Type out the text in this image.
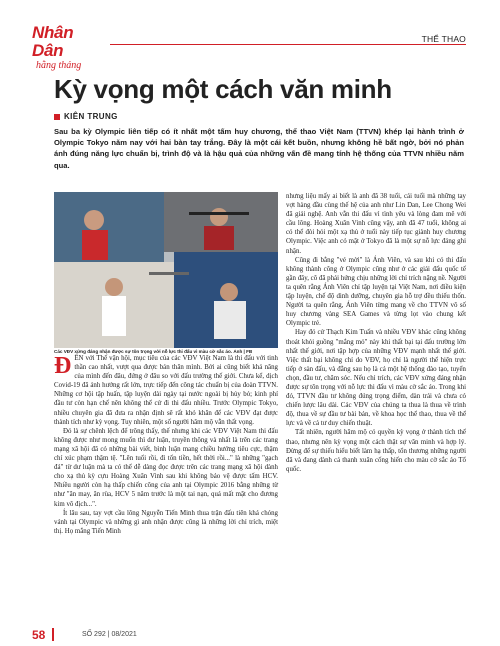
Nhân Dân
hằng tháng
THỂ THAO
Kỳ vọng một cách văn minh
KIÊN TRUNG

Sau ba kỳ Olympic liên tiếp có ít nhất một tấm huy chương, thể thao Việt Nam (TTVN) khép lại hành trình ở Olympic Tokyo năm nay với hai bàn tay trắng. Đây là một cái kết buồn, nhưng không hề bất ngờ, bởi nó phản ánh đúng năng lực chuẩn bị, trình độ và là hậu quả của những vấn đề mang tính hệ thống của TTVN nhiều năm qua.

Các VĐV xứng đáng nhận được sự tôn trọng với nỗ lực thi đấu vì màu cờ sắc áo. Ảnh | FB

ĐẾN với Thế vận hội, mục tiêu của các VĐV Việt Nam là thi đấu với tinh thần cao nhất, vượt qua được bản thân mình. Bởi ai cũng biết khả năng của mình đến đâu, đứng ở đâu so với đấu trường thế giới. Chưa kể, dịch Covid-19 đã ảnh hưởng rất lớn, trực tiếp đến công tác chuẩn bị của đoàn TTVN. Những cơ hội tập huấn, tập luyện dài ngày tại nước ngoài bị hủy bỏ; kinh phí đầu tư còn hạn chế nên không thể cử đi thi đấu nhiều. Trước Olympic Tokyo, nhiều chuyên gia đã đưa ra nhận định sẽ rất khó khăn để các VĐV đạt được thành tích như kỳ vọng. Tuy nhiên, một số người hâm mộ vẫn thất vọng.

Đó là sự chênh lệch để trông thấy, thế nhưng khi các VĐV Việt Nam thi đấu không được như mong muốn thì dư luận, truyền thông và nhất là trên các trang mạng xã hội đã có những bài viết, bình luận mang chiều hướng tiêu cực, thậm chí xúc phạm thậm tệ. "Lên tuổi rồi, đi tốn tiền, hết thời rồi..." là những "gạch đá" từ dư luận mà ta có thể dễ dàng đọc được trên các trang mạng xã hội dành cho xạ thủ kỳ cựu Hoàng Xuân Vinh sau khi không bảo vệ được tấm HCV. Nhiều người còn hạ thấp chiến công của anh tại Olympic 2016 bằng những từ như "ăn may, ăn rùa, HCV 5 năm trước là một tai nạn, quá mất mặt cho đương kim vô địch...".

Ít lâu sau, tay vợt cầu lông Nguyễn Tiến Minh thua trận đấu tiên khá chóng vánh tại Olympic và những gì anh nhận được cũng là những lời chỉ trích, miệt thị. Họ mắng Tiến Minh

nhưng liệu mấy ai biết là anh đã 38 tuổi, cái tuổi mà những tay vợt hàng đầu cùng thế hệ của anh như Lin Dan, Lee Chong Wei đã giải nghệ. Anh vẫn thi đấu vì tình yêu và lòng đam mê với cầu lông. Hoàng Xuân Vinh cũng vậy, anh đã 47 tuổi, không ai có thể đòi hỏi một xạ thủ ở tuổi này tiếp tục giành huy chương Olympic. Việc anh có mặt ở Tokyo đã là một sự nỗ lực đáng ghi nhận.

Cũng đi bằng "vé mời" là Ánh Viên, và sau khi có thi đấu không thành công ở Olympic cũng như ở các giải đấu quốc tế gần đây, cô đã phải hứng chịu những lời chỉ trích nặng nề. Người ta quên rằng Ánh Viên chỉ tập luyện tại Việt Nam, nơi điều kiện tập luyện, chế độ dinh dưỡng, chuyên gia hỗ trợ đều thiếu thốn. Người ta quên rằng, Ánh Viên từng mang về cho TTVN vô số huy chương vàng SEA Games và từng lọt vào chung kết Olympic trẻ.

Hay đó cử Thạch Kim Tuấn và nhiều VĐV khác cũng không thoát khỏi guồng "mắng mỏ" này khi thất bại tại đấu trường lớn nhất thế giới, nơi tập hợp của những VĐV mạnh nhất thế giới. Việc thất bại không chỉ do VĐV, họ chỉ là người thể hiện trực tiếp ở sàn đấu, và đằng sau họ là cả một hệ thống đào tạo, tuyển chọn, đầu tư, chăm sóc. Nếu chỉ trích, các VĐV xứng đáng nhận được sự tôn trọng với nỗ lực thi đấu vì màu cờ sắc áo. Trong khi đó, TTVN đầu tư không đúng trọng điểm, dàn trải và chưa có chiến lược lâu dài. Các VĐV của chúng ta thua là thua về trình độ, thua về sự đầu tư bài bản, về khoa học thể thao, thua về thể lực và về cả tư duy chiến thuật.

Tất nhiên, người hâm mộ có quyền kỳ vọng ở thành tích thể thao, nhưng nên kỳ vọng một cách thật sự văn minh và hợp lý. Đừng để sự thiếu hiểu biết làm hạ thấp, tổn thương những người đã và đang dành cả thanh xuân cống hiến cho màu cờ sắc áo Tổ quốc.

58	SỐ 292 | 08/2021
